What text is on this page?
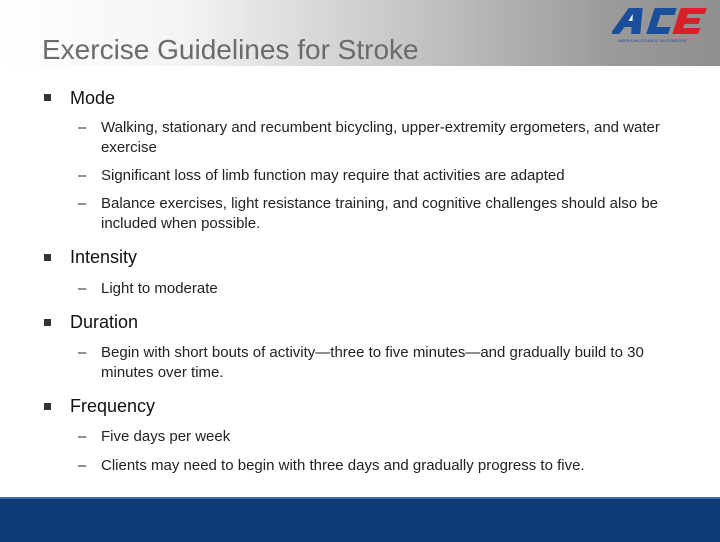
Exercise Guidelines for Stroke	AMERICAN COUNCIL ON EXERCISE
Mode
– Walking, stationary and recumbent bicycling, upper-extremity ergometers, and water exercise
– Significant loss of limb function may require that activities are adapted
– Balance exercises, light resistance training, and cognitive challenges should also be included when possible.
Intensity
– Light to moderate
Duration
– Begin with short bouts of activity—three to five minutes—and gradually build to 30 minutes over time.
Frequency
– Five days per week
– Clients may need to begin with three days and gradually progress to five.
